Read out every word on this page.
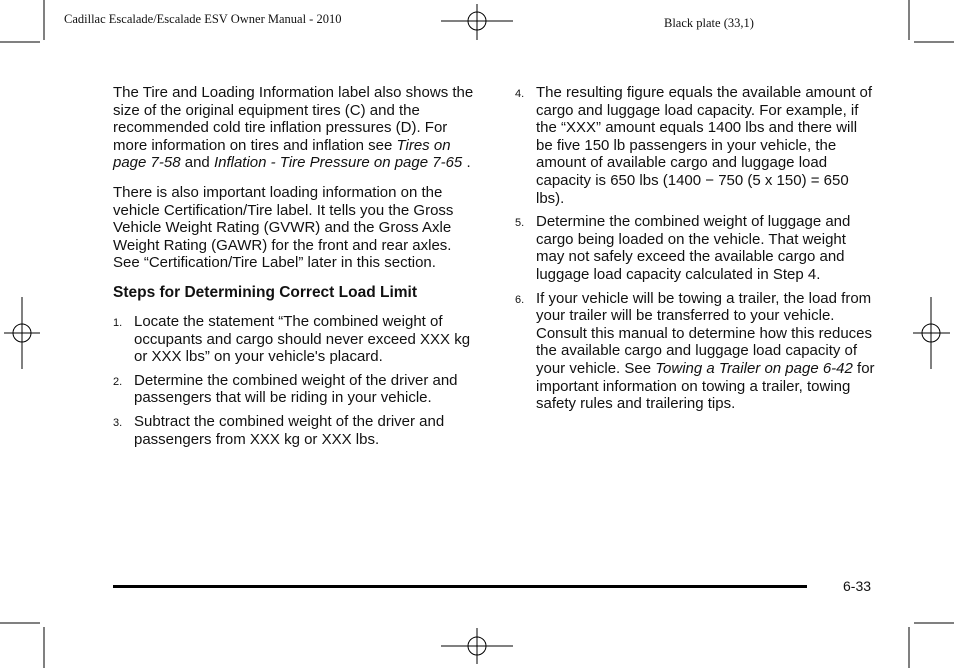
Cadillac Escalade/Escalade ESV Owner Manual - 2010	Black plate (33,1)

The Tire and Loading Information label also shows the size of the original equipment tires (C) and the recommended cold tire inflation pressures (D). For more information on tires and inflation see Tires on page 7-58 and Inflation - Tire Pressure on page 7-65 .

There is also important loading information on the vehicle Certification/Tire label. It tells you the Gross Vehicle Weight Rating (GVWR) and the Gross Axle Weight Rating (GAWR) for the front and rear axles. See “Certification/Tire Label” later in this section.

Steps for Determining Correct Load Limit
1. Locate the statement “The combined weight of occupants and cargo should never exceed XXX kg or XXX lbs” on your vehicle's placard.
2. Determine the combined weight of the driver and passengers that will be riding in your vehicle.
3. Subtract the combined weight of the driver and passengers from XXX kg or XXX lbs.
4. The resulting figure equals the available amount of cargo and luggage load capacity. For example, if the “XXX” amount equals 1400 lbs and there will be five 150 lb passengers in your vehicle, the amount of available cargo and luggage load capacity is 650 lbs (1400 − 750 (5 x 150) = 650 lbs).
5. Determine the combined weight of luggage and cargo being loaded on the vehicle. That weight may not safely exceed the available cargo and luggage load capacity calculated in Step 4.
6. If your vehicle will be towing a trailer, the load from your trailer will be transferred to your vehicle. Consult this manual to determine how this reduces the available cargo and luggage load capacity of your vehicle. See Towing a Trailer on page 6-42 for important information on towing a trailer, towing safety rules and trailering tips.
6-33
